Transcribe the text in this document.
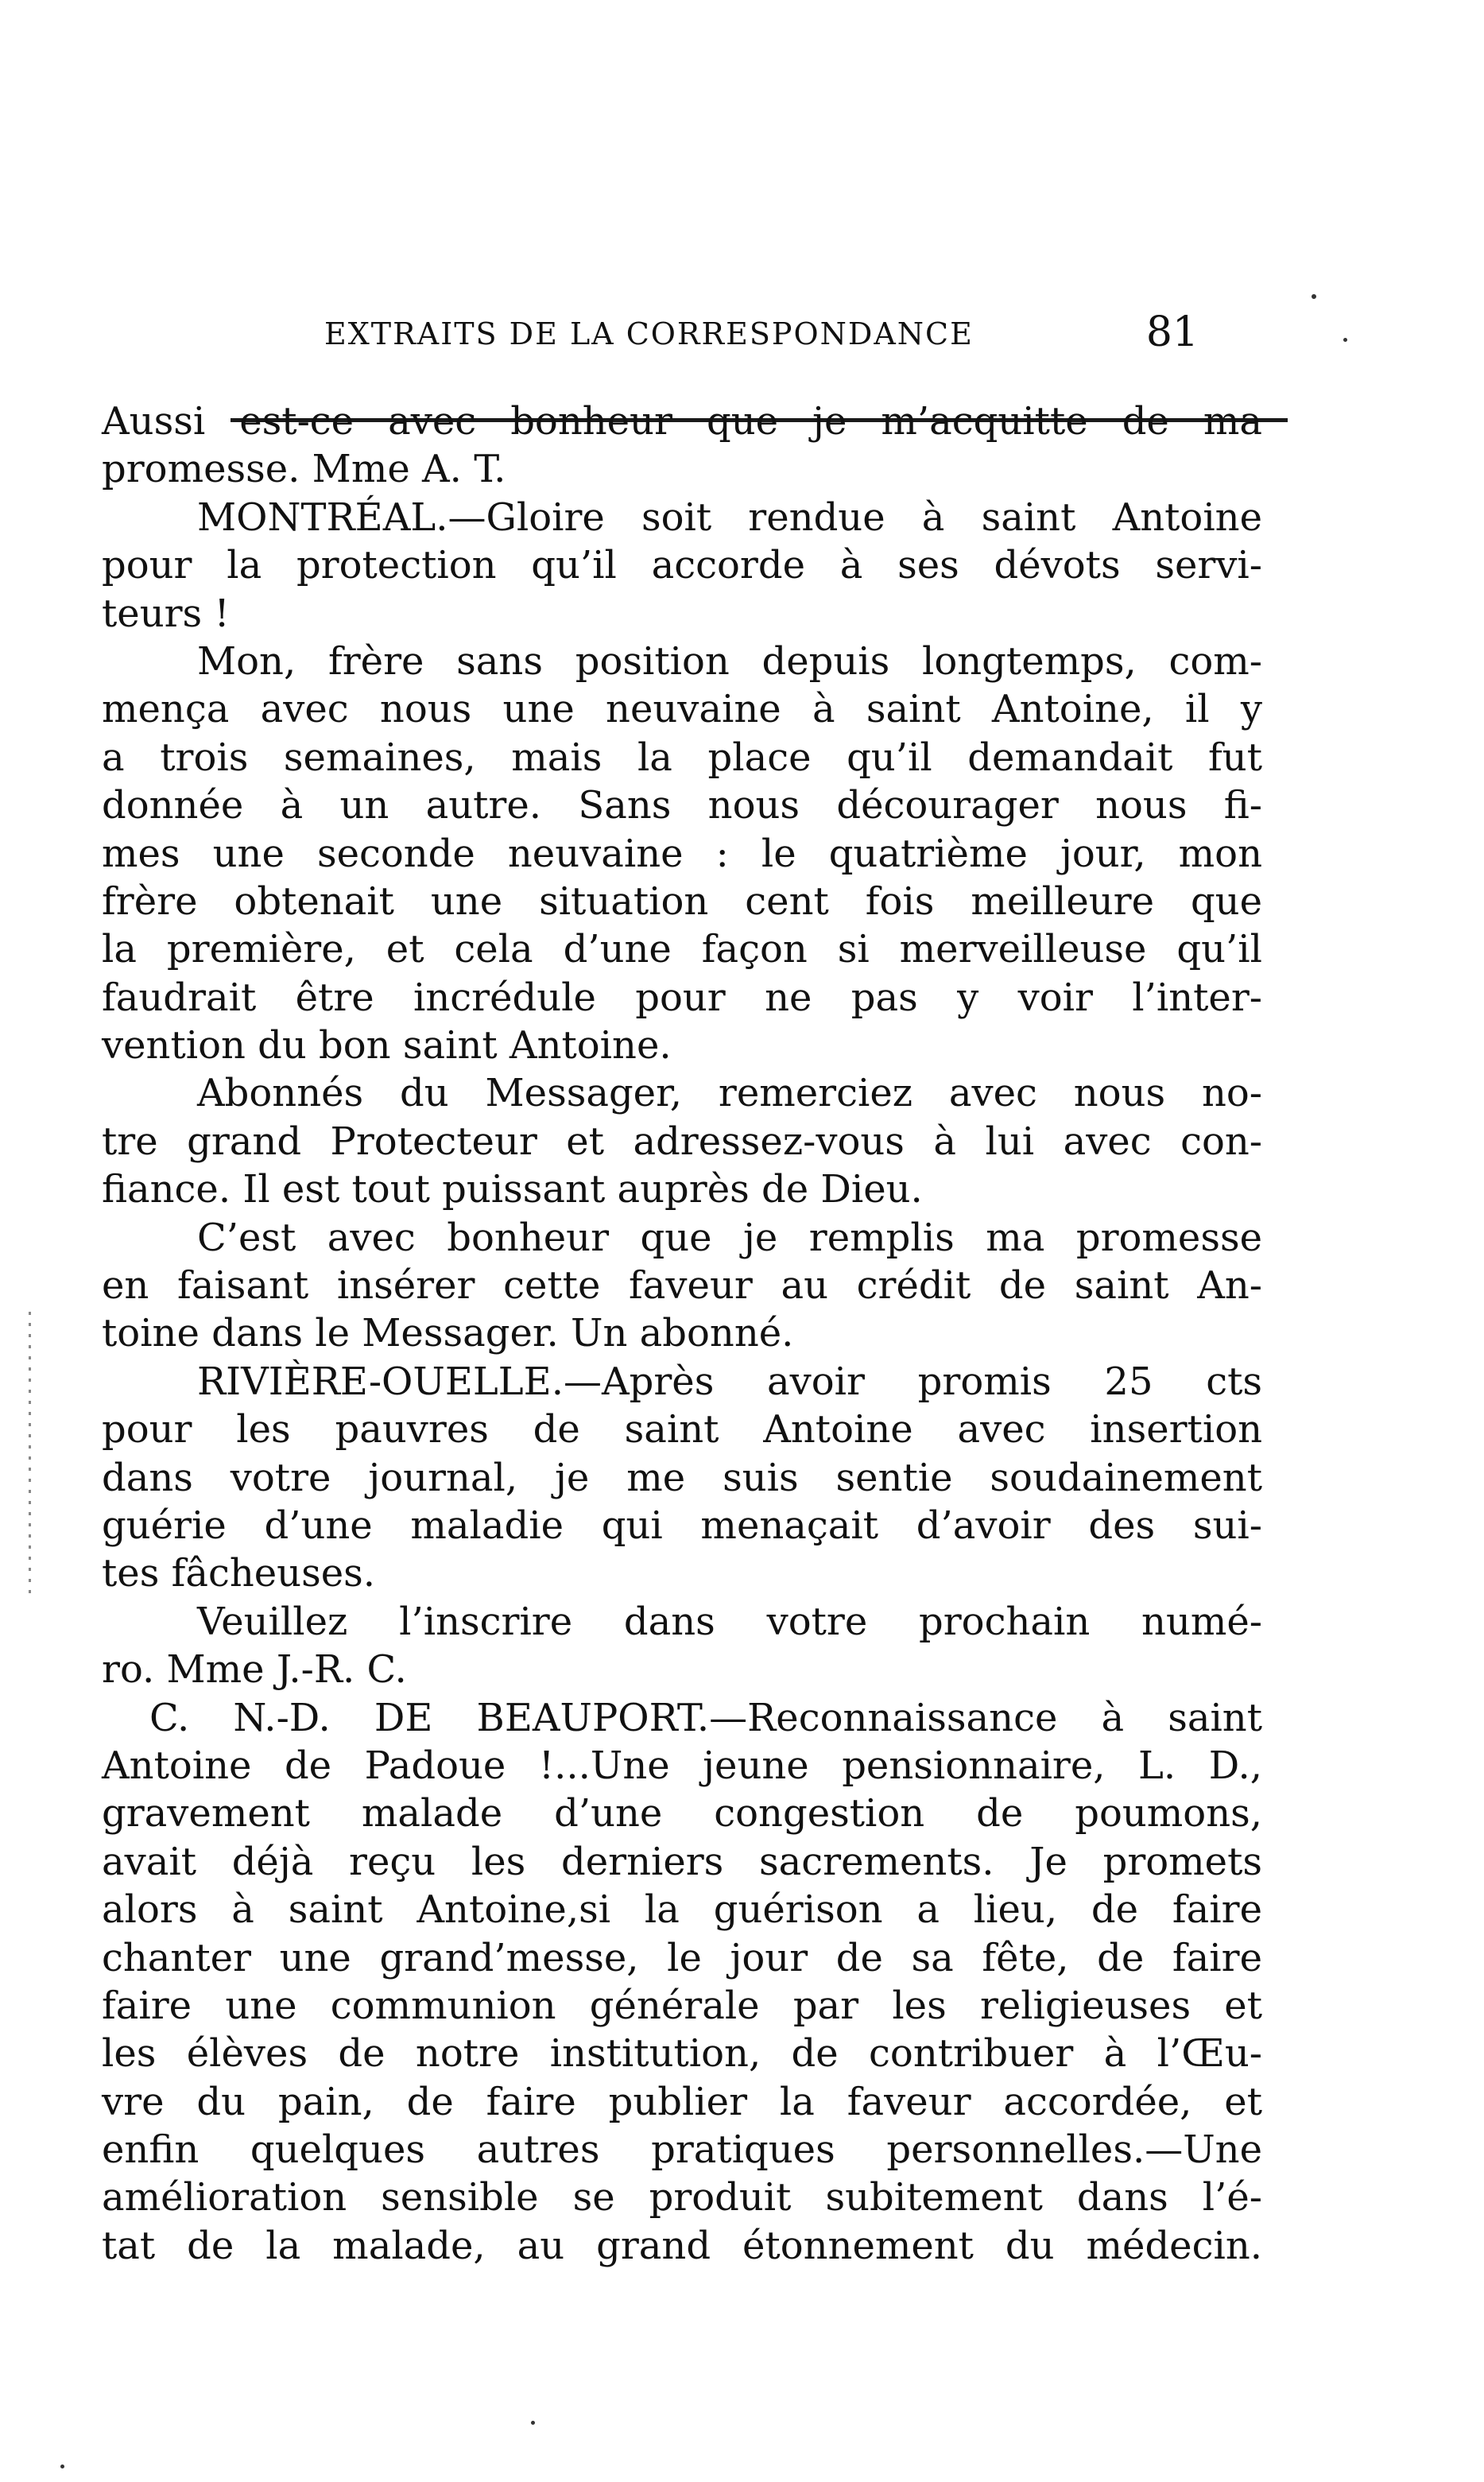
EXTRAITS DE LA CORRESPONDANCE	81
Aussi est-ce avec bonheur que je m’acquitte de ma
promesse. Mme A. T.
MONTRÉAL.—Gloire soit rendue à saint Antoine
pour la protection qu’il accorde à ses dévots servi-
teurs !
Mon, frère sans position depuis longtemps, com-
mença avec nous une neuvaine à saint Antoine, il y
a trois semaines, mais la place qu’il demandait fut
donnée à un autre. Sans nous décourager nous fi-
mes une seconde neuvaine : le quatrième jour, mon
frère obtenait une situation cent fois meilleure que
la première, et cela d’une façon si merveilleuse qu’il
faudrait être incrédule pour ne pas y voir l’inter-
vention du bon saint Antoine.
Abonnés du Messager, remerciez avec nous no-
tre grand Protecteur et adressez-vous à lui avec con-
fiance. Il est tout puissant auprès de Dieu.
C’est avec bonheur que je remplis ma promesse
en faisant insérer cette faveur au crédit de saint An-
toine dans le Messager. Un abonné.
RIVIÈRE-OUELLE.—Après avoir promis 25 cts
pour les pauvres de saint Antoine avec insertion
dans votre journal, je me suis sentie soudainement
guérie d’une maladie qui menaçait d’avoir des sui-
tes fâcheuses.
Veuillez l’inscrire dans votre prochain numé-
ro. Mme J.-R. C.
C. N.-D. DE BEAUPORT.—Reconnaissance à saint
Antoine de Padoue !...Une jeune pensionnaire, L. D.,
gravement malade d’une congestion de poumons,
avait déjà reçu les derniers sacrements. Je promets
alors à saint Antoine,si la guérison a lieu, de faire
chanter une grand’messe, le jour de sa fête, de faire
faire une communion générale par les religieuses et
les élèves de notre institution, de contribuer à l’Œu-
vre du pain, de faire publier la faveur accordée, et
enfin quelques autres pratiques personnelles.—Une
amélioration sensible se produit subitement dans l’é-
tat de la malade, au grand étonnement du médecin.
